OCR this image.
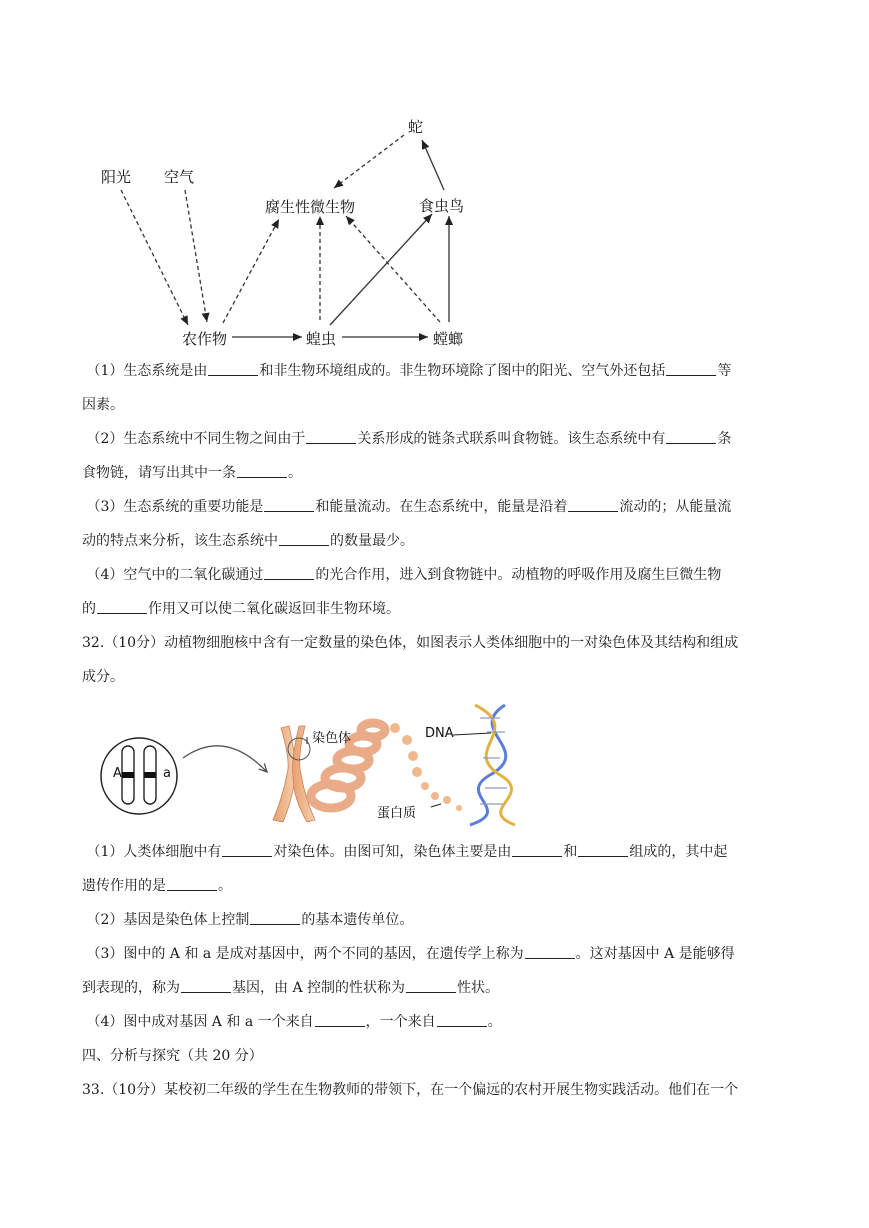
阳光 空气
腐生性微生物
蛇
食虫鸟
农作物	蝗虫	螳螂
（1）生态系统是由	和非生物环境组成的。非生物环境除了图中的阳光、空气外还包括	等
因素。
（2）生态系统中不同生物之间由于	关系形成的链条式联系叫食物链。该生态系统中有	条
食物链，请写出其中一条	。
（3）生态系统的重要功能是	和能量流动。在生态系统中，能量是沿着	流动的；从能量流
动的特点来分析，该生态系统中	的数量最少。
（4）空气中的二氧化碳通过	的光合作用，进入到食物链中。动植物的呼吸作用及腐生巨微生物
的	作用又可以使二氧化碳返回非生物环境。
32.（10分）动植物细胞核中含有一定数量的染色体，如图表示人类体细胞中的一对染色体及其结构和组成
成分。
A	a
染色体	DNA
蛋白质
（1）人类体细胞中有	对染色体。由图可知，染色体主要是由	和	组成的，其中起
遗传作用的是	。
（2）基因是染色体上控制	的基本遗传单位。
（3）图中的 A 和 a 是成对基因中，两个不同的基因，在遗传学上称为	。这对基因中 A 是能够得
到表现的，称为	基因，由 A 控制的性状称为	性状。
（4）图中成对基因 A 和 a 一个来自	，一个来自	。
四、分析与探究（共 20 分）
33.（10分）某校初二年级的学生在生物教师的带领下，在一个偏远的农村开展生物实践活动。他们在一个
